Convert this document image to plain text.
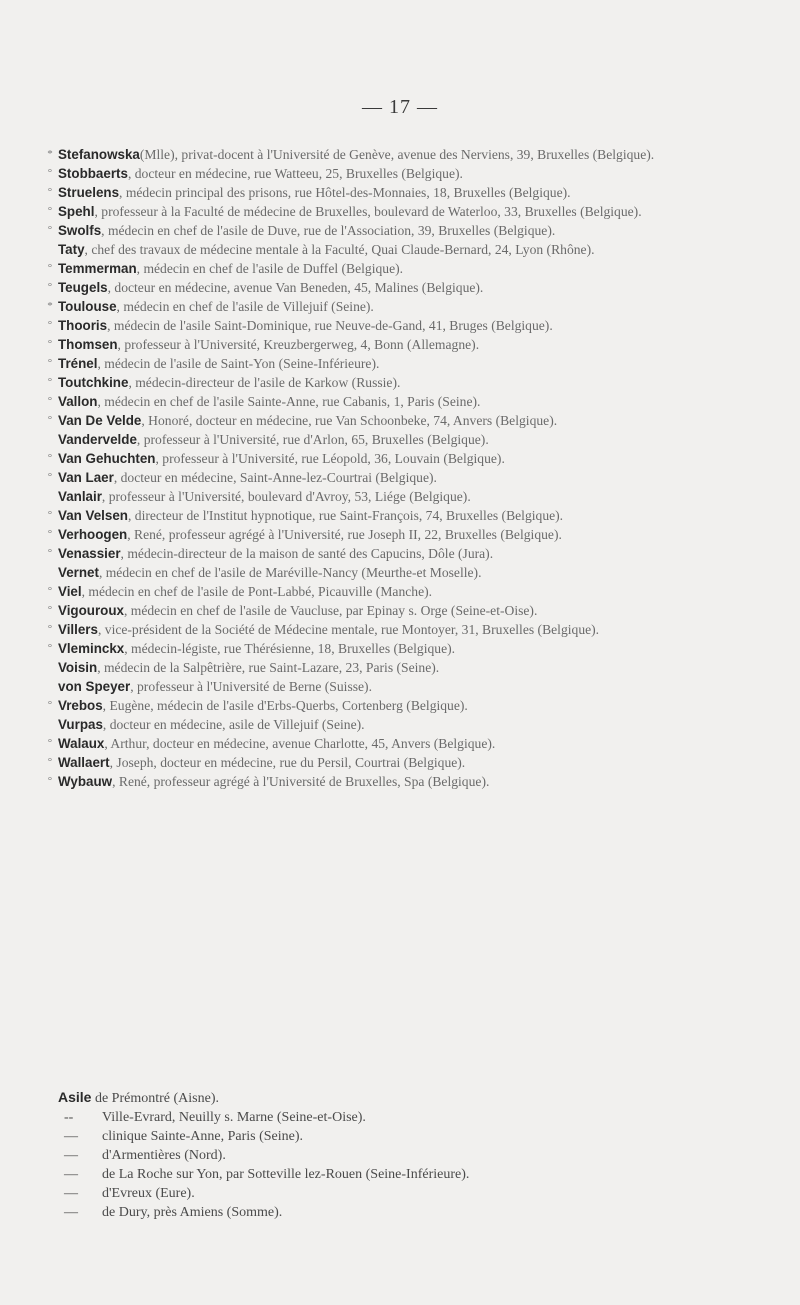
— 17 —
* Stefanowska(Mlle), privat-docent à l'Université de Genève, avenue des Nerviens, 39, Bruxelles (Belgique).
° Stobbaerts, docteur en médecine, rue Watteeu, 25, Bruxelles (Belgique).
° Struelens, médecin principal des prisons, rue Hôtel-des-Monnaies, 18, Bruxelles (Belgique).
° Spehl, professeur à la Faculté de médecine de Bruxelles, boulevard de Waterloo, 33, Bruxelles (Belgique).
° Swolfs, médecin en chef de l'asile de Duve, rue de l'Association, 39, Bruxelles (Belgique).
Taty, chef des travaux de médecine mentale à la Faculté, Quai Claude-Bernard, 24, Lyon (Rhône).
° Temmerman, médecin en chef de l'asile de Duffel (Belgique).
° Teugels, docteur en médecine, avenue Van Beneden, 45, Malines (Belgique).
* Toulouse, médecin en chef de l'asile de Villejuif (Seine).
° Thooris, médecin de l'asile Saint-Dominique, rue Neuve-de-Gand, 41, Bruges (Belgique).
° Thomsen, professeur à l'Université, Kreuzbergerweg, 4, Bonn (Allemagne).
° Trénel, médecin de l'asile de Saint-Yon (Seine-Inférieure).
° Toutchkine, médecin-directeur de l'asile de Karkow (Russie).
° Vallon, médecin en chef de l'asile Sainte-Anne, rue Cabanis, 1, Paris (Seine).
° Van De Velde, Honoré, docteur en médecine, rue Van Schoonbeke, 74, Anvers (Belgique).
Vandervelde, professeur à l'Université, rue d'Arlon, 65, Bruxelles (Belgique).
° Van Gehuchten, professeur à l'Université, rue Léopold, 36, Louvain (Belgique).
° Van Laer, docteur en médecine, Saint-Anne-lez-Courtrai (Belgique).
Vanlair, professeur à l'Université, boulevard d'Avroy, 53, Liége (Belgique).
° Van Velsen, directeur de l'Institut hypnotique, rue Saint-François, 74, Bruxelles (Belgique).
° Verhoogen, René, professeur agrégé à l'Université, rue Joseph II, 22, Bruxelles (Belgique).
° Venassier, médecin-directeur de la maison de santé des Capucins, Dôle (Jura).
Vernet, médecin en chef de l'asile de Maréville-Nancy (Meurthe-et Moselle).
° Viel, médecin en chef de l'asile de Pont-Labbé, Picauville (Manche).
° Vigouroux, médecin en chef de l'asile de Vaucluse, par Epinay s. Orge (Seine-et-Oise).
° Villers, vice-président de la Société de Médecine mentale, rue Montoyer, 31, Bruxelles (Belgique).
° Vleminckx, médecin-légiste, rue Thérésienne, 18, Bruxelles (Belgique).
Voisin, médecin de la Salpêtrière, rue Saint-Lazare, 23, Paris (Seine).
von Speyer, professeur à l'Université de Berne (Suisse).
° Vrebos, Eugène, médecin de l'asile d'Erbs-Querbs, Cortenberg (Belgique).
Vurpas, docteur en médecine, asile de Villejuif (Seine).
° Walaux, Arthur, docteur en médecine, avenue Charlotte, 45, Anvers (Belgique).
° Wallaert, Joseph, docteur en médecine, rue du Persil, Courtrai (Belgique).
° Wybauw, René, professeur agrégé à l'Université de Bruxelles, Spa (Belgique).
Asile de Prémontré (Aisne).
-- Ville-Evrard, Neuilly s. Marne (Seine-et-Oise).
— clinique Sainte-Anne, Paris (Seine).
— d'Armentières (Nord).
— de La Roche sur Yon, par Sotteville lez-Rouen (Seine-Inférieure).
— d'Evreux (Eure).
— de Dury, près Amiens (Somme).
